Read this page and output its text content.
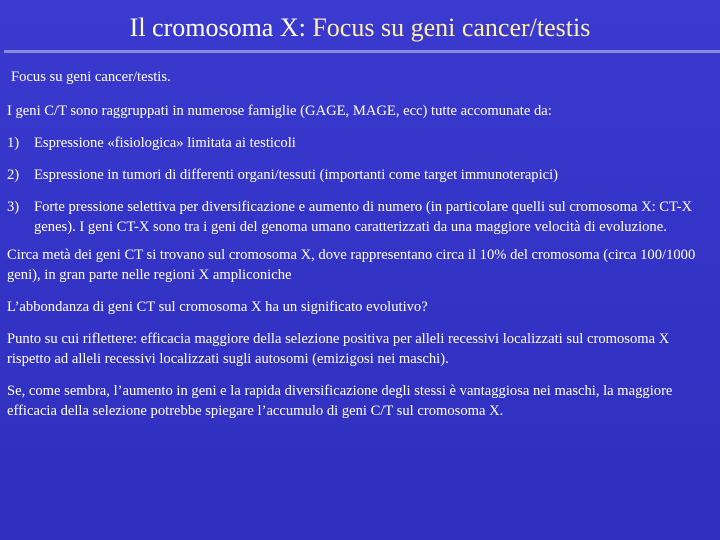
Il cromosoma X: Focus su geni cancer/testis

Focus su geni cancer/testis.

I geni C/T sono raggruppati in numerose famiglie (GAGE, MAGE, ecc) tutte accomunate da:

1)	Espressione «fisiologica» limitata ai testicoli
2)	Espressione in tumori di differenti organi/tessuti (importanti come target immunoterapici)
3)	Forte pressione selettiva per diversificazione e aumento di numero (in particolare quelli sul cromosoma X: CT-X genes). I geni CT-X sono tra i geni del genoma umano caratterizzati da una maggiore velocità di evoluzione.

Circa metà dei geni CT si trovano sul cromosoma X, dove rappresentano circa il 10% del cromosoma (circa 100/1000 geni), in gran parte nelle regioni X ampliconiche

L’abbondanza di geni CT sul cromosoma X ha un significato evolutivo?

Punto su cui riflettere: efficacia maggiore della selezione positiva per alleli recessivi localizzati sul cromosoma X rispetto ad alleli recessivi localizzati sugli autosomi (emizigosi nei maschi).

Se, come sembra, l’aumento in geni e la rapida diversificazione degli stessi è vantaggiosa nei maschi, la maggiore efficacia della selezione potrebbe spiegare l’accumulo di geni C/T sul cromosoma X.
